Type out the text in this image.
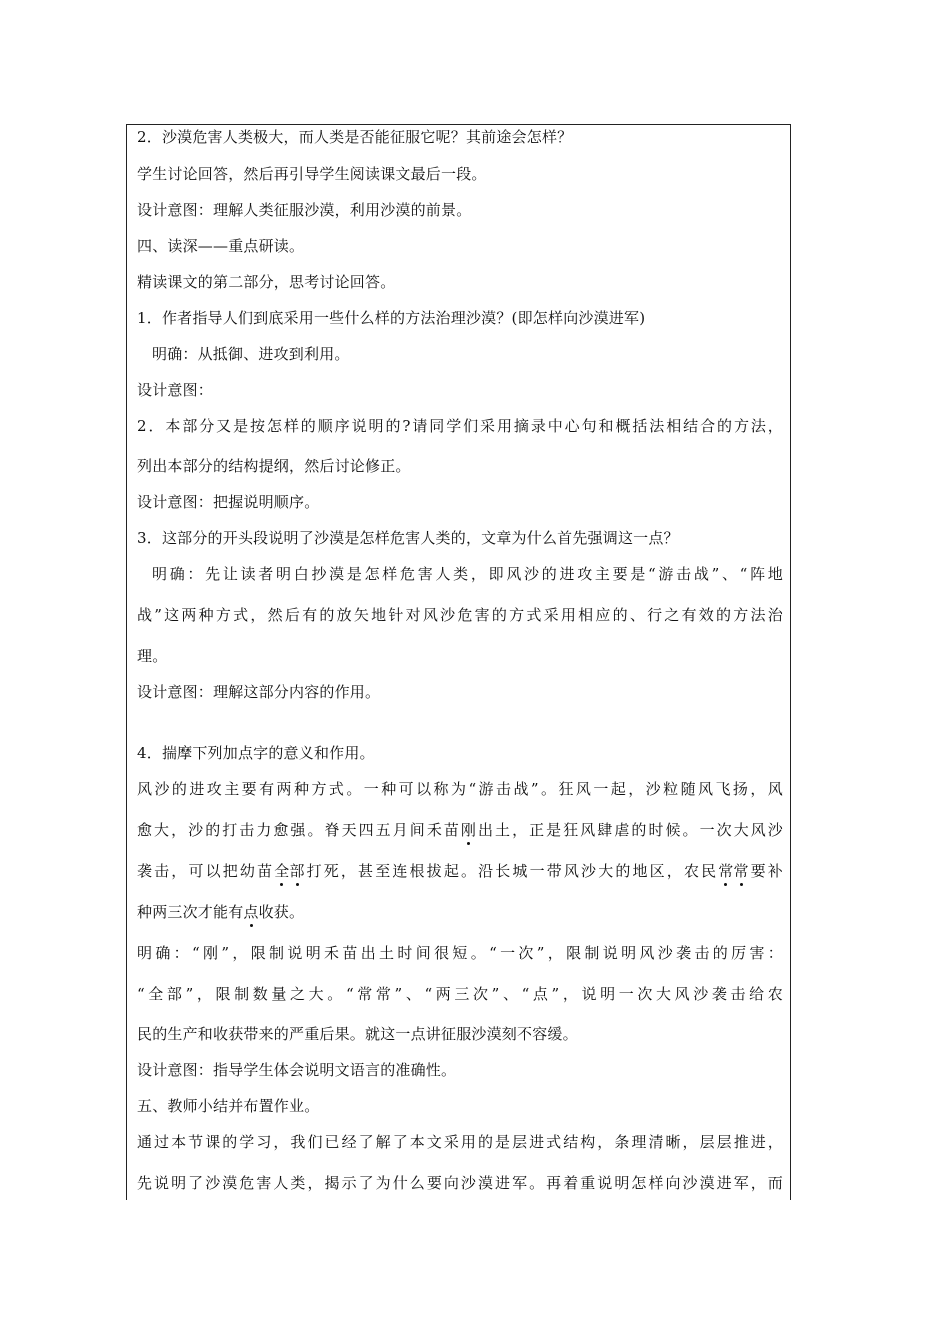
2．沙漠危害人类极大，而人类是否能征服它呢？其前途会怎样？
学生讨论回答，然后再引导学生阅读课文最后一段。
设计意图：理解人类征服沙漠，利用沙漠的前景。
四、读深——重点研读。
精读课文的第二部分，思考讨论回答。
1．作者指导人们到底采用一些什么样的方法治理沙漠？(即怎样向沙漠进军)
明确：从抵御、进攻到利用。
设计意图：
2．本部分又是按怎样的顺序说明的?请同学们采用摘录中心句和概括法相结合的方法，
列出本部分的结构提纲，然后讨论修正。
设计意图：把握说明顺序。
3．这部分的开头段说明了沙漠是怎样危害人类的，文章为什么首先强调这一点？
明确：先让读者明白抄漠是怎样危害人类，即风沙的进攻主要是“游击战”、“阵地
战”这两种方式，然后有的放矢地针对风沙危害的方式采用相应的、行之有效的方法治
理。
设计意图：理解这部分内容的作用。
4．揣摩下列加点字的意义和作用。
风沙的进攻主要有两种方式。一种可以称为“游击战”。狂风一起，沙粒随风飞扬，风
愈大，沙的打击力愈强。脊天四五月间禾苗刚出土，正是狂风肆虐的时候。一次大风沙
袭击，可以把幼苗全部打死，甚至连根拔起。沿长城一带风沙大的地区，农民常常要补
种两三次才能有点收获。
明确：“刚”，限制说明禾苗出土时间很短。“一次”，限制说明风沙袭击的厉害：
“全部”，限制数量之大。“常常”、“两三次”、“点”，说明一次大风沙袭击给农
民的生产和收获带来的严重后果。就这一点讲征服沙漠刻不容缓。
设计意图：指导学生体会说明文语言的准确性。
五、教师小结并布置作业。
通过本节课的学习，我们已经了解了本文采用的是层进式结构，条理清晰，层层推进，
先说明了沙漠危害人类，揭示了为什么要向沙漠进军。再着重说明怎样向沙漠进军，而
